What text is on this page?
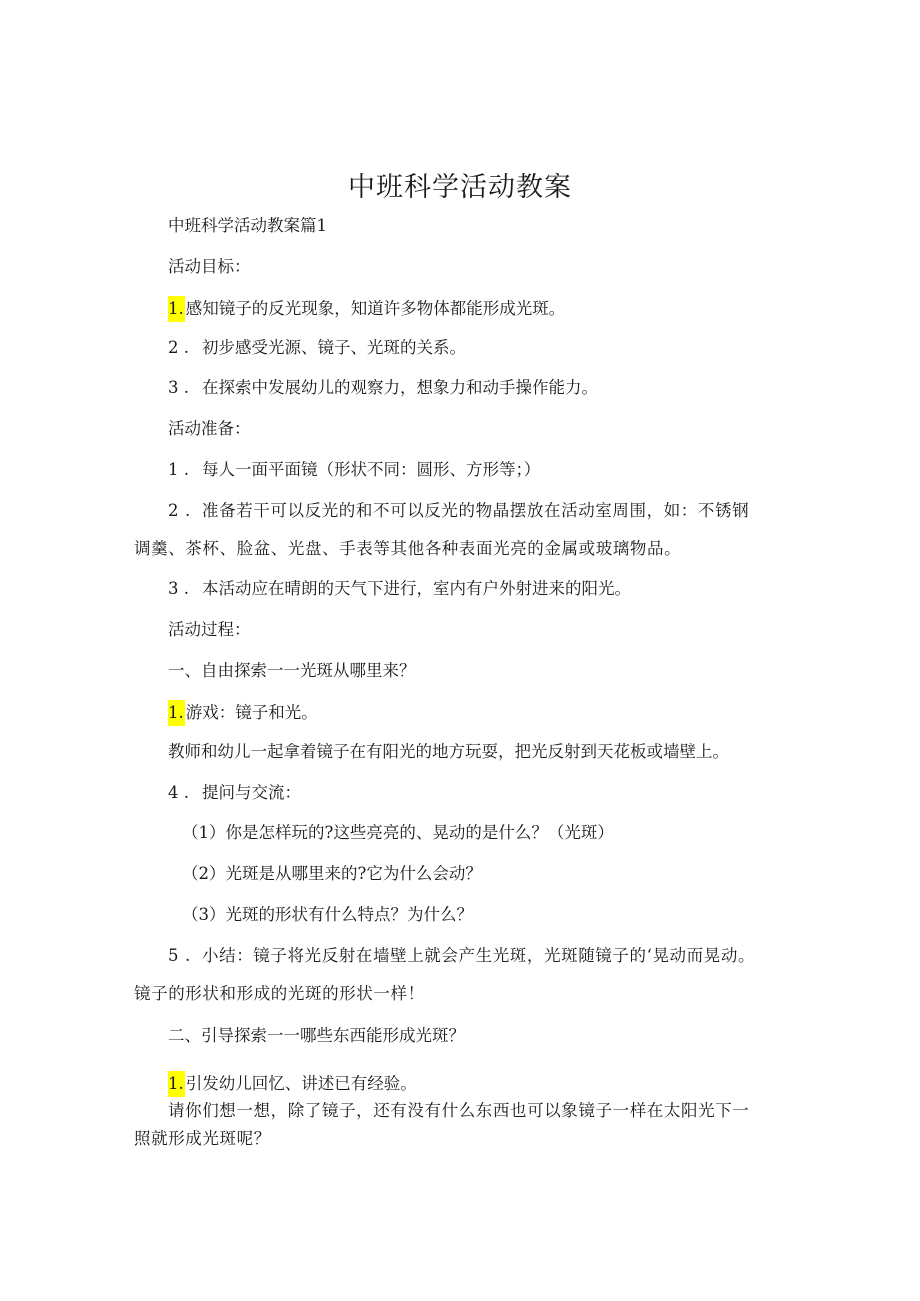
中班科学活动教案
中班科学活动教案篇1
活动目标：
1. 感知镜子的反光现象，知道许多物体都能形成光斑。
2 . 初步感受光源、镜子、光斑的关系。
3 . 在探索中发展幼儿的观察力，想象力和动手操作能力。
活动准备：
1 . 每人一面平面镜（形状不同：圆形、方形等；）
2 . 准备若干可以反光的和不可以反光的物晶摆放在活动室周围，如：不锈钢调羹、茶杯、脸盆、光盘、手表等其他各种表面光亮的金属或玻璃物品。
3 . 本活动应在晴朗的天气下进行，室内有户外射进来的阳光。
活动过程：
一、自由探索一一光斑从哪里来？
1. 游戏：镜子和光。
教师和幼儿一起拿着镜子在有阳光的地方玩耍，把光反射到天花板或墙壁上。
4 . 提问与交流：
（1）你是怎样玩的?这些亮亮的、晃动的是什么？（光斑）
（2）光斑是从哪里来的?它为什么会动？
（3）光斑的形状有什么特点？为什么？
5 . 小结：镜子将光反射在墙壁上就会产生光斑，光斑随镜子的‘晃动而晃动。镜子的形状和形成的光斑的形状一样！
二、引导探索一一哪些东西能形成光斑？
1. 引发幼儿回忆、讲述已有经验。
请你们想一想，除了镜子，还有没有什么东西也可以象镜子一样在太阳光下一照就形成光斑呢？
